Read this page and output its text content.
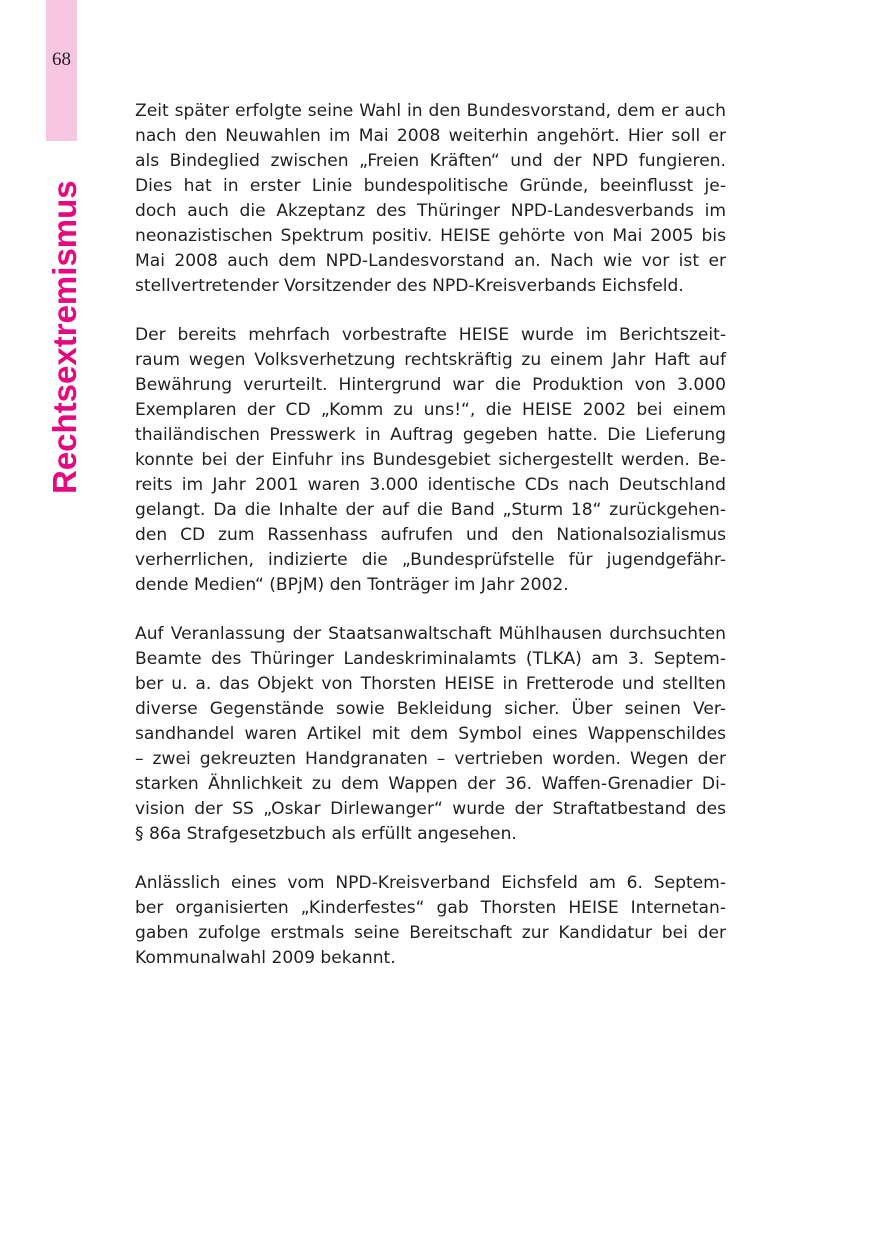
68
Rechtsextremismus

Zeit später erfolgte seine Wahl in den Bundesvorstand, dem er auch
nach den Neuwahlen im Mai 2008 weiterhin angehört. Hier soll er
als Bindeglied zwischen „Freien Kräften“ und der NPD fungieren.
Dies hat in erster Linie bundespolitische Gründe, beeinflusst je-
doch auch die Akzeptanz des Thüringer NPD-Landesverbands im
neonazistischen Spektrum positiv. HEISE gehörte von Mai 2005 bis
Mai 2008 auch dem NPD-Landesvorstand an. Nach wie vor ist er
stellvertretender Vorsitzender des NPD-Kreisverbands Eichsfeld.

Der bereits mehrfach vorbestrafte HEISE wurde im Berichtszeit-
raum wegen Volksverhetzung rechtskräftig zu einem Jahr Haft auf
Bewährung verurteilt. Hintergrund war die Produktion von 3.000
Exemplaren der CD „Komm zu uns!“, die HEISE 2002 bei einem
thailändischen Presswerk in Auftrag gegeben hatte. Die Lieferung
konnte bei der Einfuhr ins Bundesgebiet sichergestellt werden. Be-
reits im Jahr 2001 waren 3.000 identische CDs nach Deutschland
gelangt. Da die Inhalte der auf die Band „Sturm 18“ zurückgehen-
den CD zum Rassenhass aufrufen und den Nationalsozialismus
verherrlichen, indizierte die „Bundesprüfstelle für jugendgefähr-
dende Medien“ (BPjM) den Tonträger im Jahr 2002.

Auf Veranlassung der Staatsanwaltschaft Mühlhausen durchsuchten
Beamte des Thüringer Landeskriminalamts (TLKA) am 3. Septem-
ber u. a. das Objekt von Thorsten HEISE in Fretterode und stellten
diverse Gegenstände sowie Bekleidung sicher. Über seinen Ver-
sandhandel waren Artikel mit dem Symbol eines Wappenschildes
– zwei gekreuzten Handgranaten – vertrieben worden. Wegen der
starken Ähnlichkeit zu dem Wappen der 36. Waffen-Grenadier Di-
vision der SS „Oskar Dirlewanger“ wurde der Straftatbestand des
§ 86a Strafgesetzbuch als erfüllt angesehen.

Anlässlich eines vom NPD-Kreisverband Eichsfeld am 6. Septem-
ber organisierten „Kinderfestes“ gab Thorsten HEISE Internetan-
gaben zufolge erstmals seine Bereitschaft zur Kandidatur bei der
Kommunalwahl 2009 bekannt.
